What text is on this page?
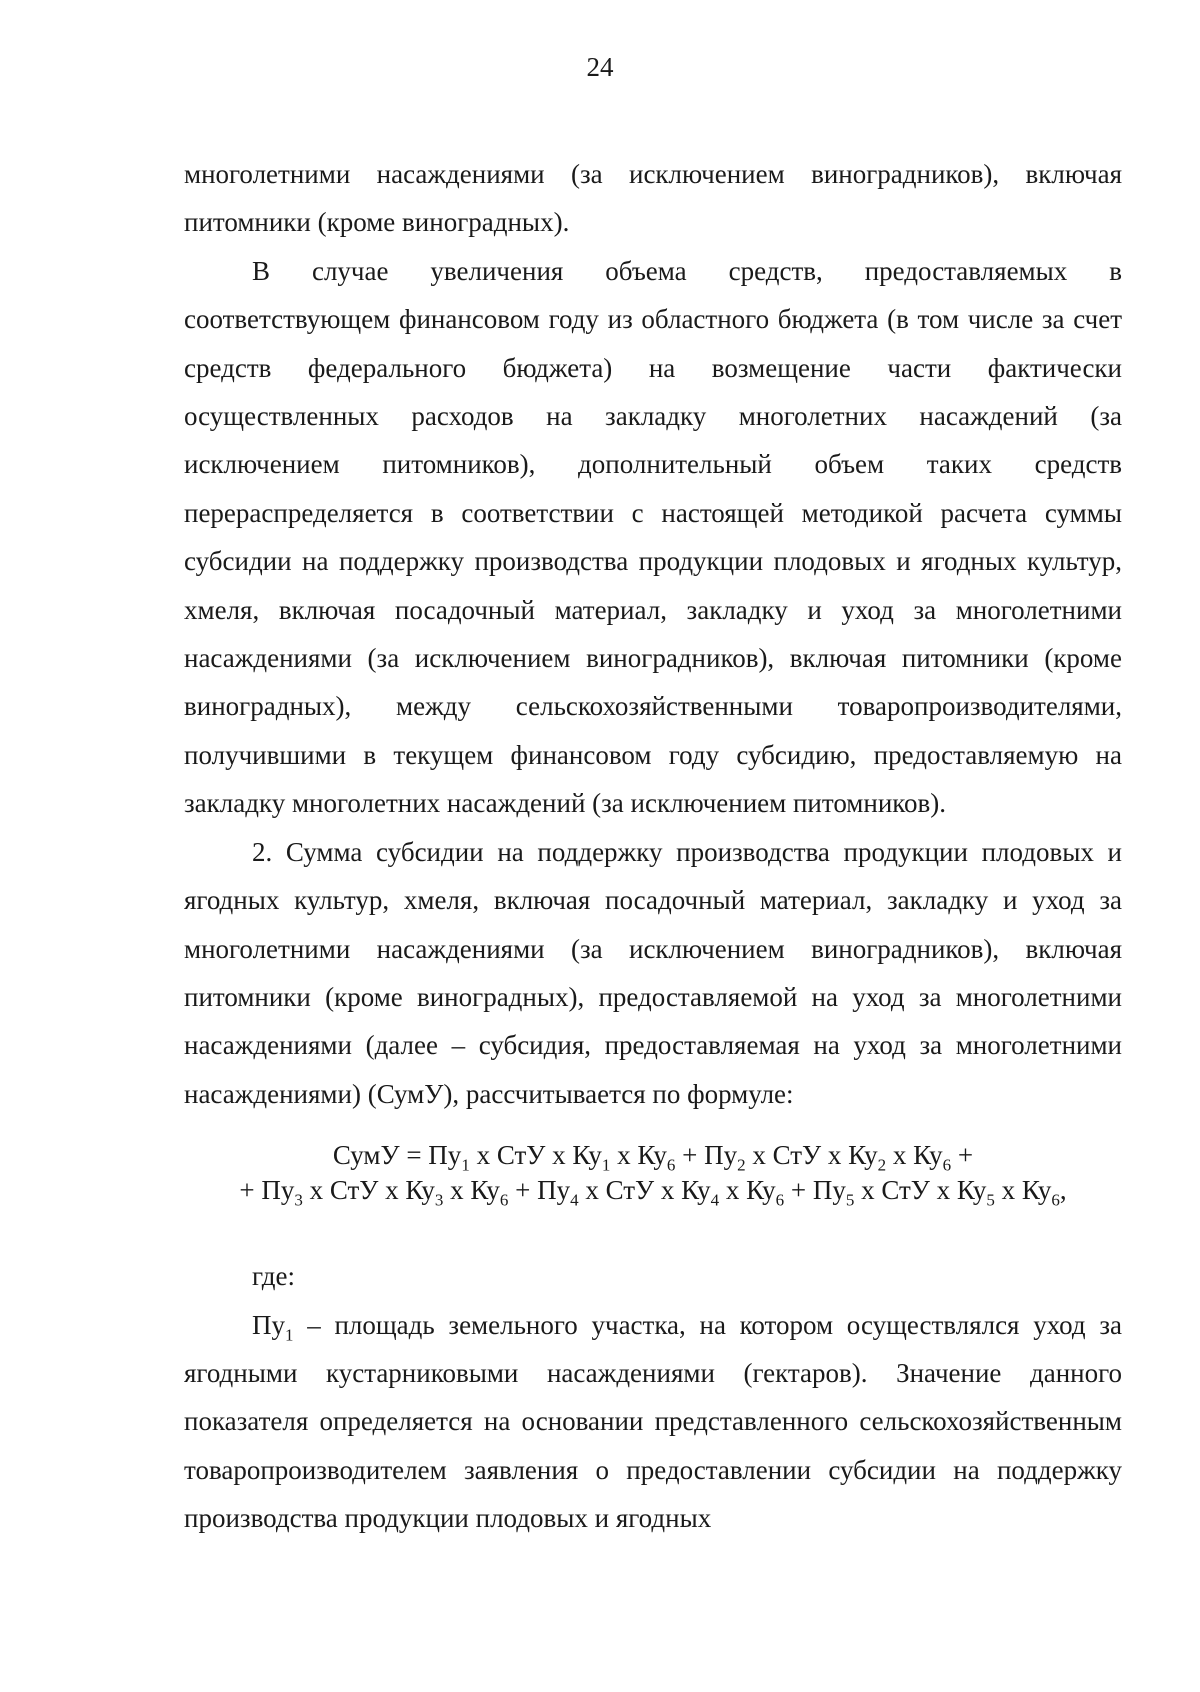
24

многолетними насаждениями (за исключением виноградников), включая питомники (кроме виноградных).

В случае увеличения объема средств, предоставляемых в соответствующем финансовом году из областного бюджета (в том числе за счет средств федерального бюджета) на возмещение части фактически осуществленных расходов на закладку многолетних насаждений (за исключением питомников), дополнительный объем таких средств перераспределяется в соответствии с настоящей методикой расчета суммы субсидии на поддержку производства продукции плодовых и ягодных культур, хмеля, включая посадочный материал, закладку и уход за многолетними насаждениями (за исключением виноградников), включая питомники (кроме виноградных), между сельскохозяйственными товаропроизводителями, получившими в текущем финансовом году субсидию, предоставляемую на закладку многолетних насаждений (за исключением питомников).

2. Сумма субсидии на поддержку производства продукции плодовых и ягодных культур, хмеля, включая посадочный материал, закладку и уход за многолетними насаждениями (за исключением виноградников), включая питомники (кроме виноградных), предоставляемой на уход за многолетними насаждениями (далее – субсидия, предоставляемая на уход за многолетними насаждениями) (СумУ), рассчитывается по формуле:

СумУ = $Пу_1$ х СтУ х $Ку_1$ х $Ку_6 + Пу_2$ х СтУ х $Ку_2$ х $Ку_6$ +
+ $Пу_3$ х СтУ х $Ку_3$ х $Ку_6 + Пу_4$ х СтУ х $Ку_4$ х $Ку_6 + Пу_5$ х СтУ х $Ку_5$ х $Ку_6$,

где:

$Пу_1$ – площадь земельного участка, на котором осуществлялся уход за ягодными кустарниковыми насаждениями (гектаров). Значение данного показателя определяется на основании представленного сельскохозяйственным товаропроизводителем заявления о предоставлении субсидии на поддержку производства продукции плодовых и ягодных
